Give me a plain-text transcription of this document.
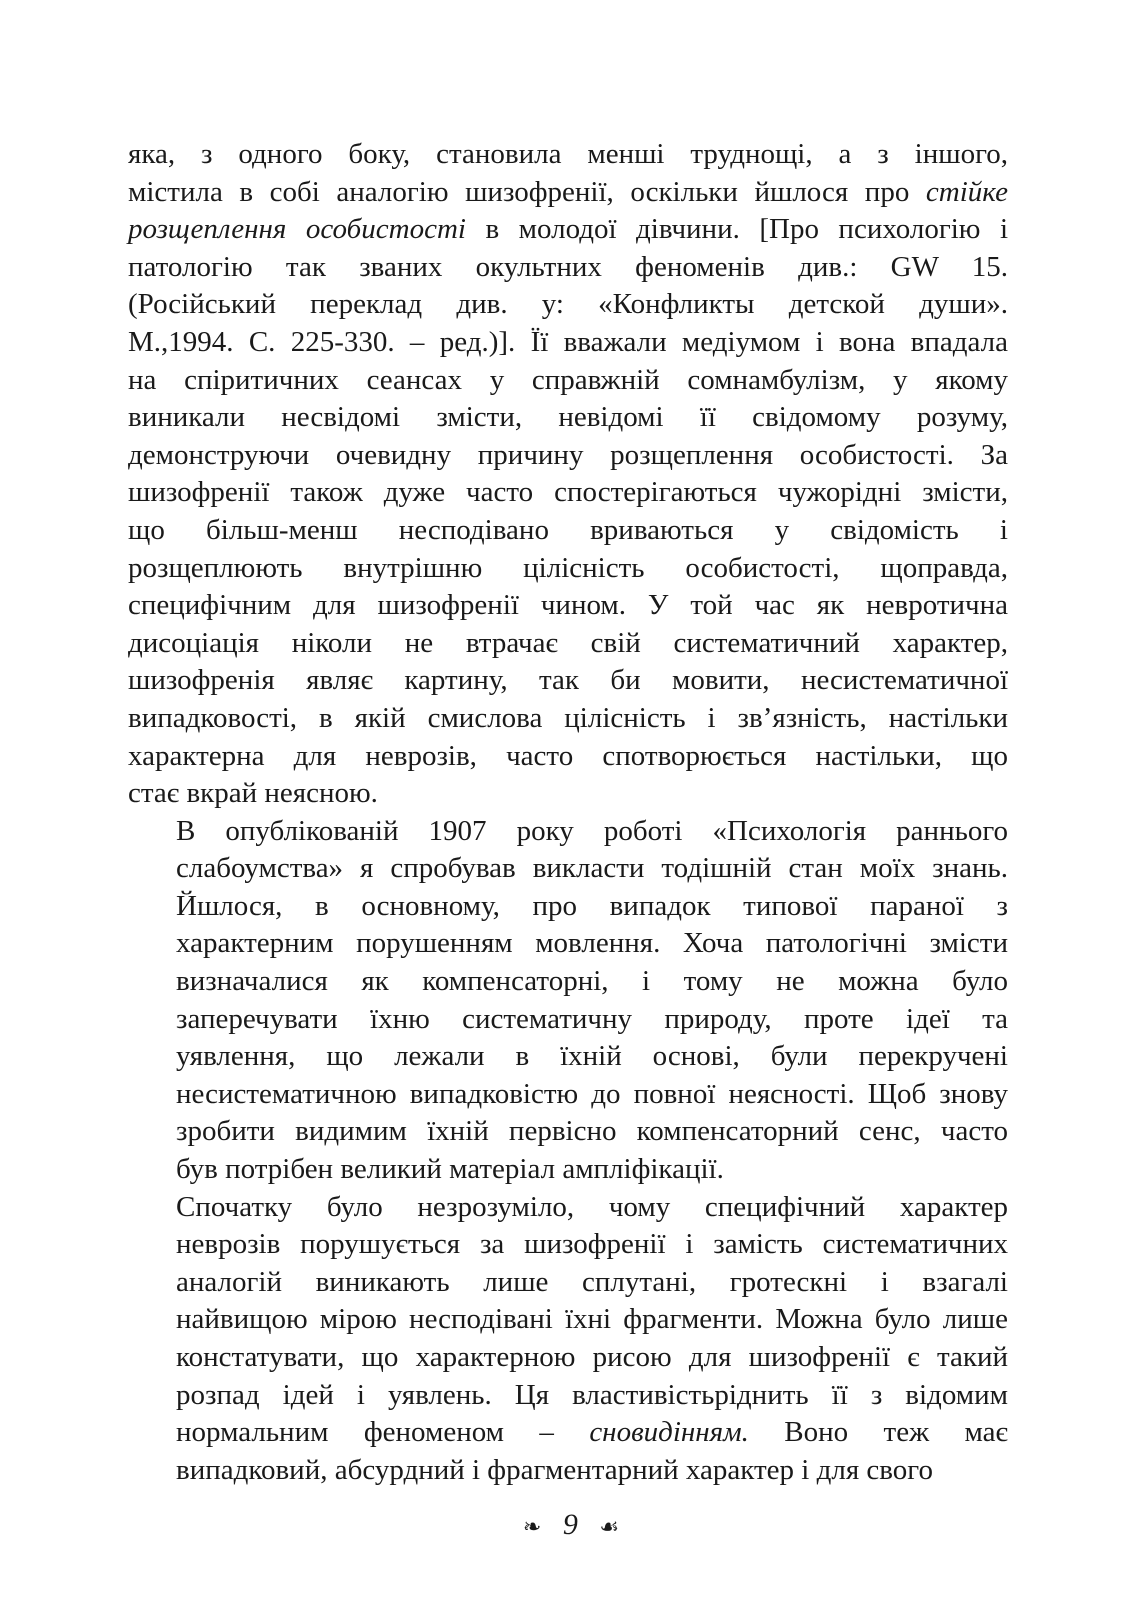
яка, з одного боку, становила менші труднощі, а з іншого,
містила в собі аналогію шизофренії, оскільки йшлося про стійке
розщеплення особистості в молодої дівчини. [Про психологію і
патологію так званих окультних феноменів див.: GW 15.
(Російський переклад див. у: «Конфликты детской души».
М.,1994. С. 225-330. – ред.)]. Її вважали медіумом і вона впадала
на спіритичних сеансах у справжній сомнамбулізм, у якому
виникали несвідомі змісти, невідомі її свідомому розуму,
демонструючи очевидну причину розщеплення особистості. За
шизофренії також дуже часто спостерігаються чужорідні змісти,
що більш-менш несподівано вриваються у свідомість і
розщеплюють внутрішню цілісність особистості, щоправда,
специфічним для шизофренії чином. У той час як невротична
дисоціація ніколи не втрачає свій систематичний характер,
шизофренія являє картину, так би мовити, несистематичної
випадковості, в якій смислова цілісність і зв’язність, настільки
характерна для неврозів, часто спотворюється настільки, що
стає вкрай неясною.
В опублікованій 1907 року роботі «Психологія раннього
слабоумства» я спробував викласти тодішній стан моїх знань.
Йшлося, в основному, про випадок типової параної з
характерним порушенням мовлення. Хоча патологічні змісти
визначалися як компенсаторні, і тому не можна було
заперечувати їхню систематичну природу, проте ідеї та
уявлення, що лежали в їхній основі, були перекручені
несистематичною випадковістю до повної неясності. Щоб знову
зробити видимим їхній первісно компенсаторний сенс, часто
був потрібен великий матеріал ампліфікації.
Спочатку було незрозуміло, чому специфічний характер
неврозів порушується за шизофренії і замість систематичних
аналогій виникають лише сплутані, гротескні і взагалі
найвищою мірою несподівані їхні фрагменти. Можна було лише
констатувати, що характерною рисою для шизофренії є такий
розпад ідей і уявлень. Ця властивістьріднить її з відомим
нормальним феноменом – сновидінням. Воно теж має
випадковий, абсурдний і фрагментарний характер і для свого
❧ 9 ☙
